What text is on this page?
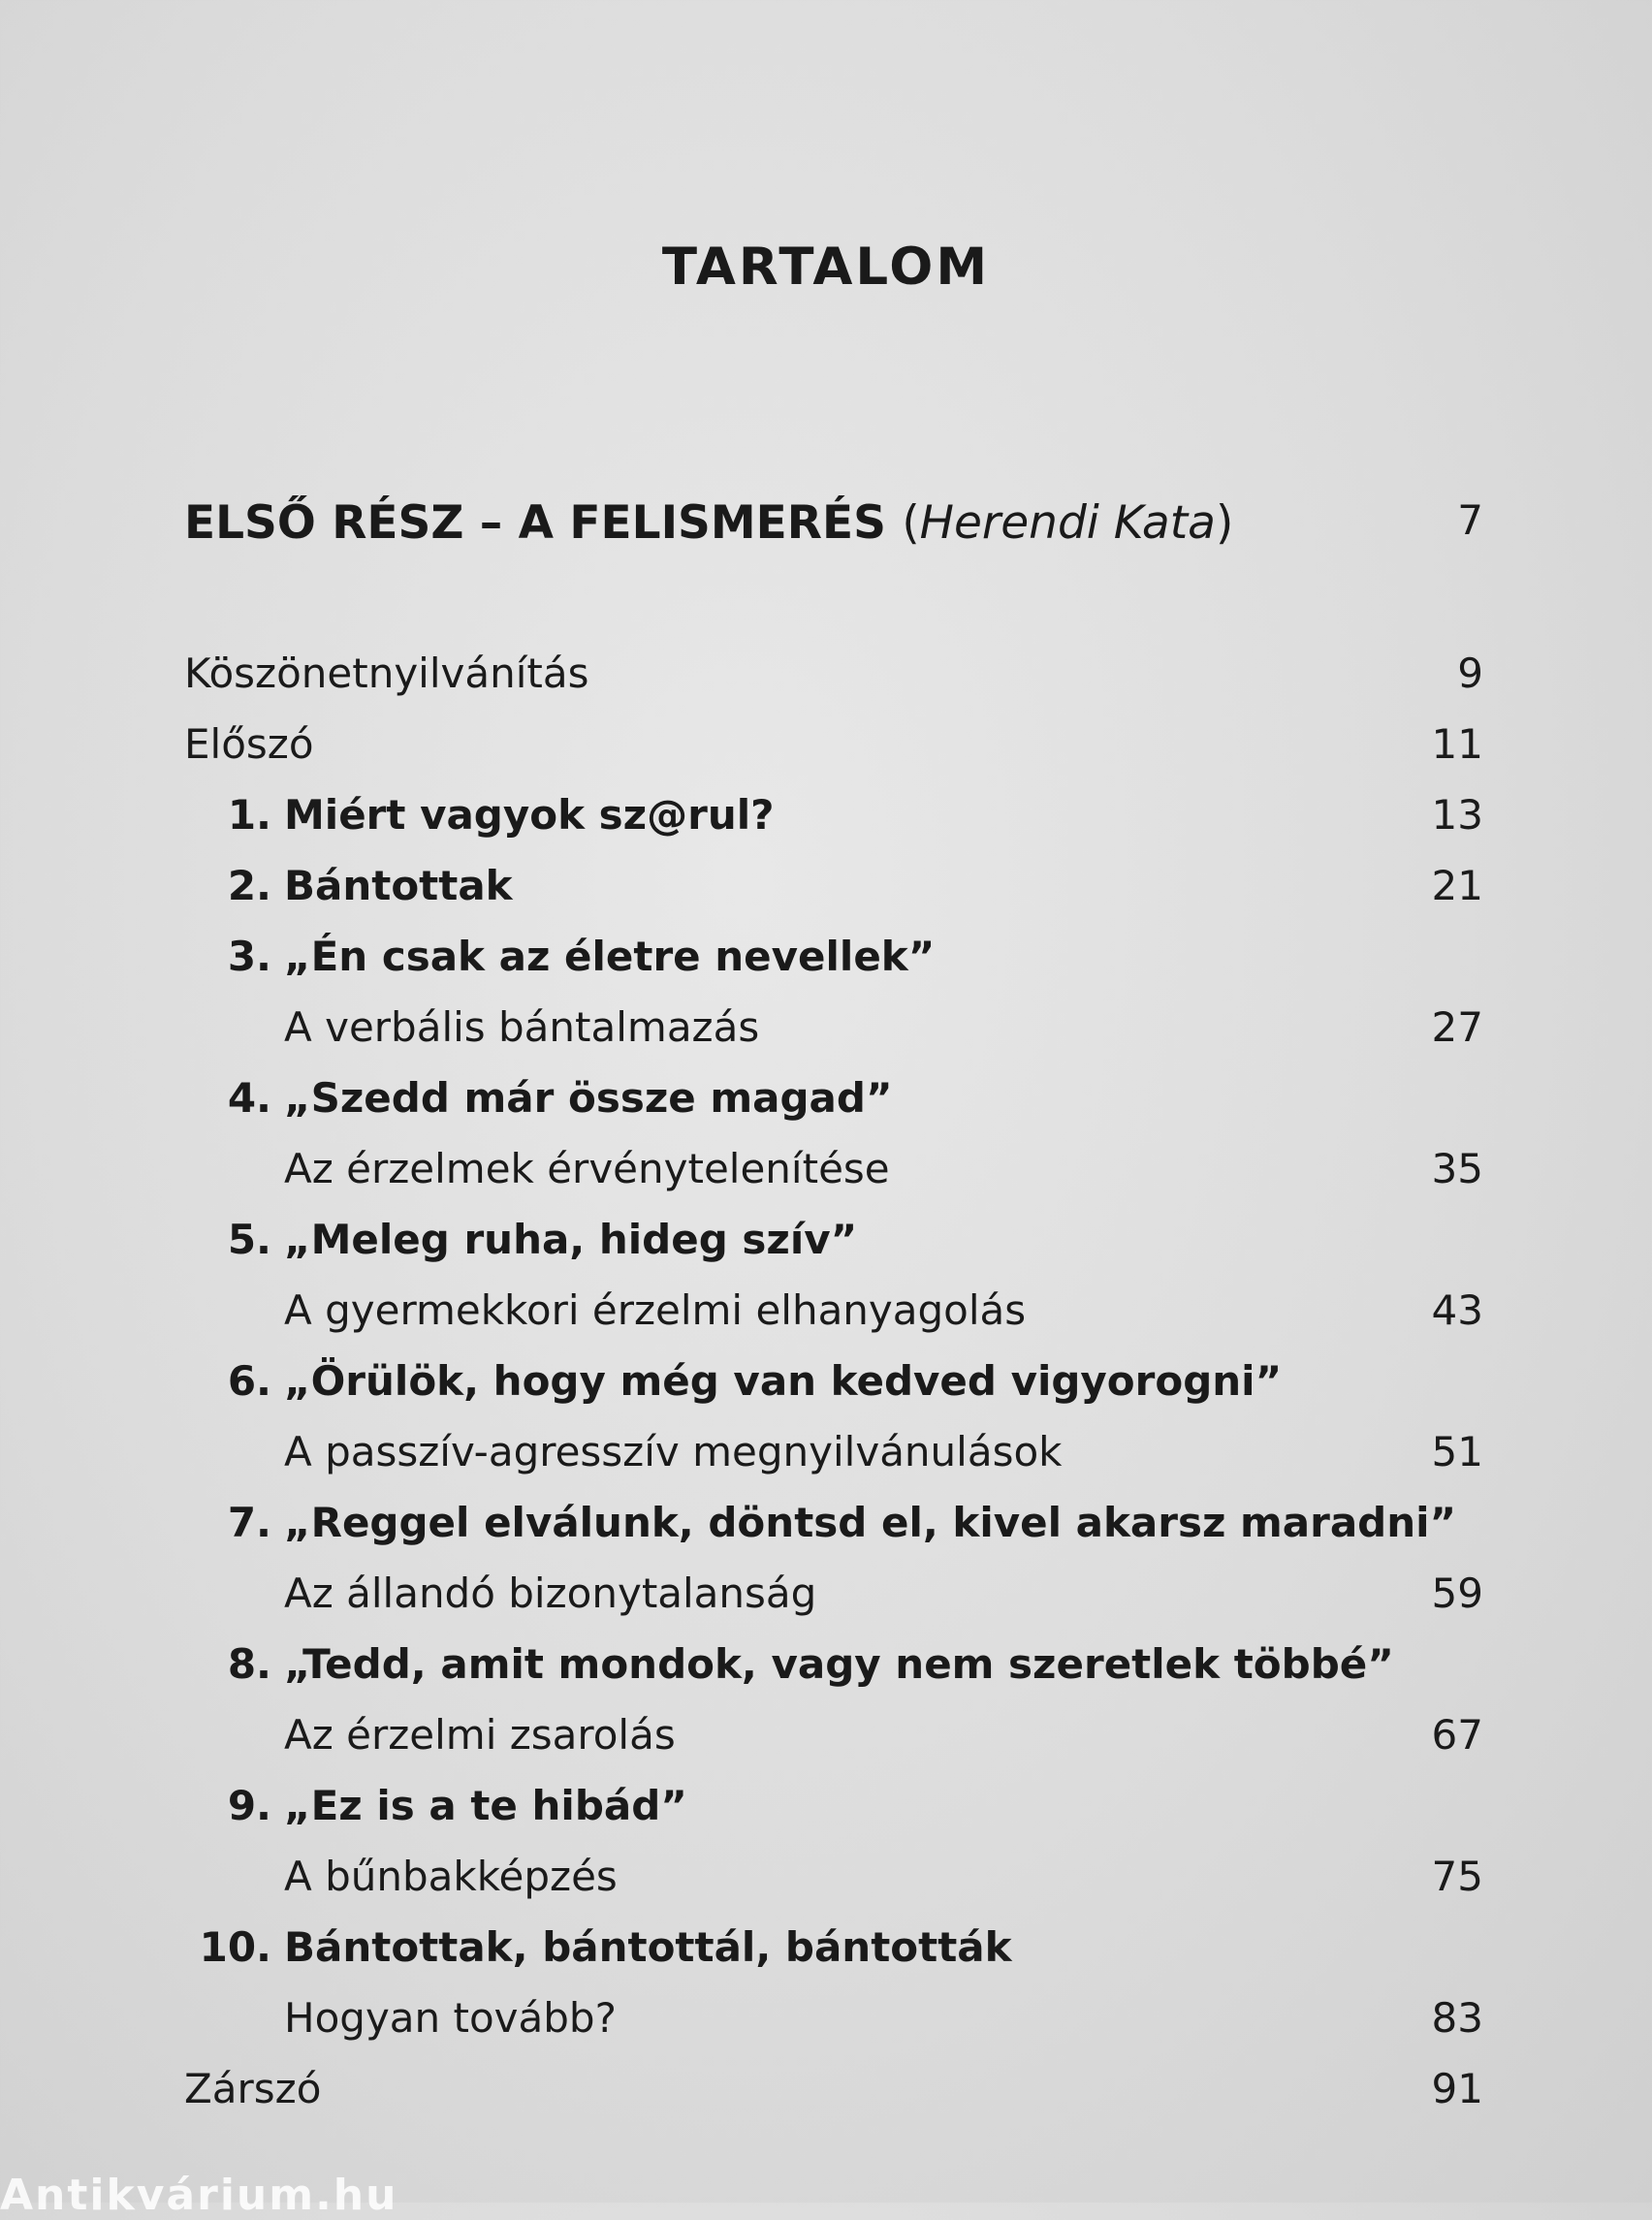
TARTALOM
ELSŐ RÉSZ – A FELISMERÉS (Herendi Kata)	7
Köszönetnyilvánítás	9
Előszó	11
1. Miért vagyok sz@rul?	13
2. Bántottak	21
3. „Én csak az életre nevellek”
A verbális bántalmazás	27
4. „Szedd már össze magad”
Az érzelmek érvénytelenítése	35
5. „Meleg ruha, hideg szív”
A gyermekkori érzelmi elhanyagolás	43
6. „Örülök, hogy még van kedved vigyorogni”
A passzív-agresszív megnyilvánulások	51
7. „Reggel elválunk, döntsd el, kivel akarsz maradni”
Az állandó bizonytalanság	59
8. „Tedd, amit mondok, vagy nem szeretlek többé”
Az érzelmi zsarolás	67
9. „Ez is a te hibád”
A bűnbakképzés	75
10. Bántottak, bántottál, bántották
Hogyan tovább?	83
Zárszó	91
Antikvárium.hu
